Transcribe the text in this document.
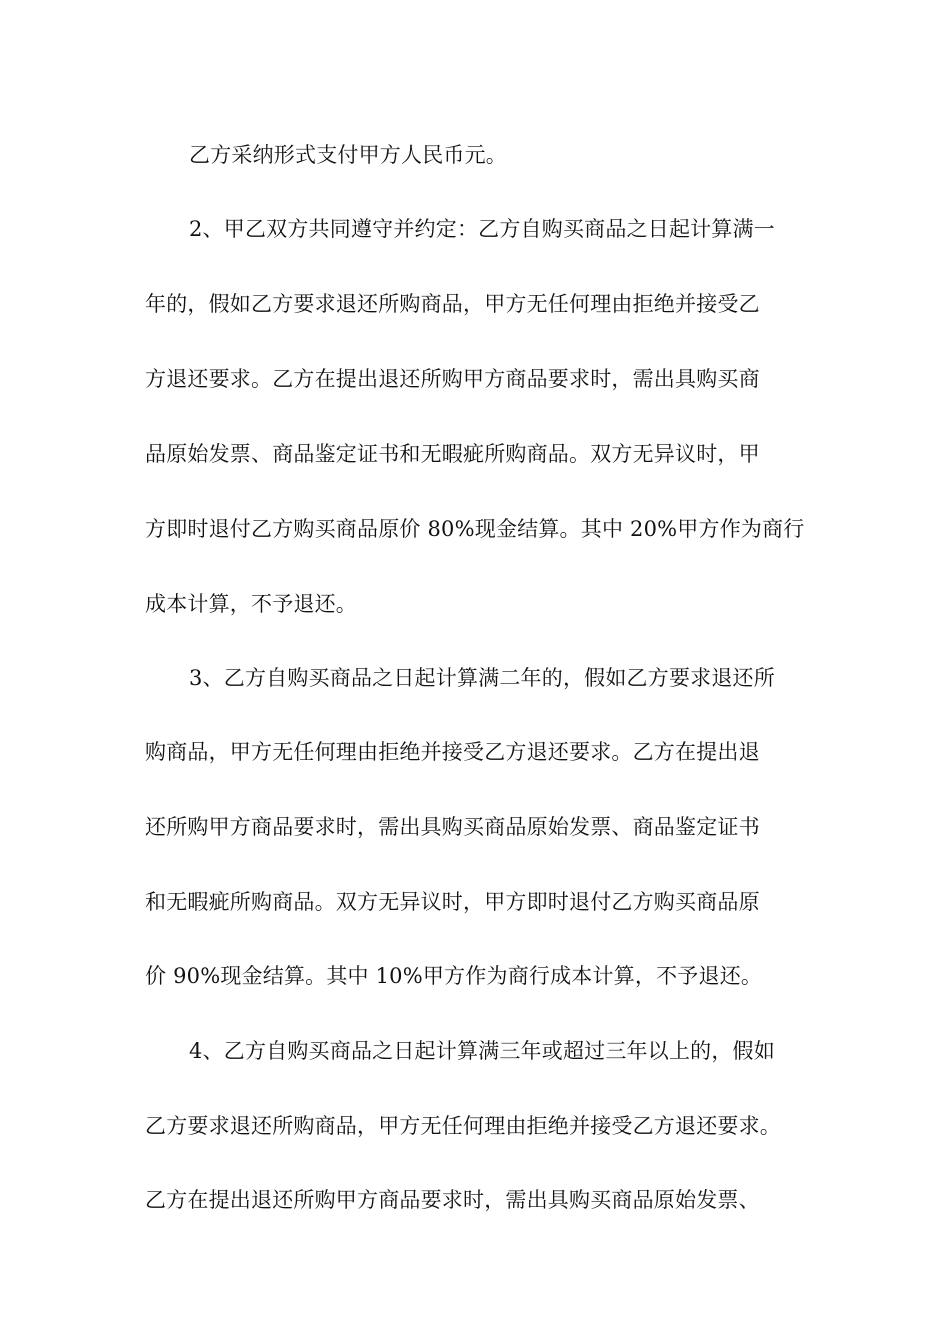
乙方采纳形式支付甲方人民币元。
2、甲乙双方共同遵守并约定：乙方自购买商品之日起计算满一
年的，假如乙方要求退还所购商品，甲方无任何理由拒绝并接受乙
方退还要求。乙方在提出退还所购甲方商品要求时，需出具购买商
品原始发票、商品鉴定证书和无暇疵所购商品。双方无异议时，甲
方即时退付乙方购买商品原价 80%现金结算。其中 20%甲方作为商行
成本计算，不予退还。
3、乙方自购买商品之日起计算满二年的，假如乙方要求退还所
购商品，甲方无任何理由拒绝并接受乙方退还要求。乙方在提出退
还所购甲方商品要求时，需出具购买商品原始发票、商品鉴定证书
和无暇疵所购商品。双方无异议时，甲方即时退付乙方购买商品原
价 90%现金结算。其中 10%甲方作为商行成本计算，不予退还。
4、乙方自购买商品之日起计算满三年或超过三年以上的，假如
乙方要求退还所购商品，甲方无任何理由拒绝并接受乙方退还要求。
乙方在提出退还所购甲方商品要求时，需出具购买商品原始发票、
